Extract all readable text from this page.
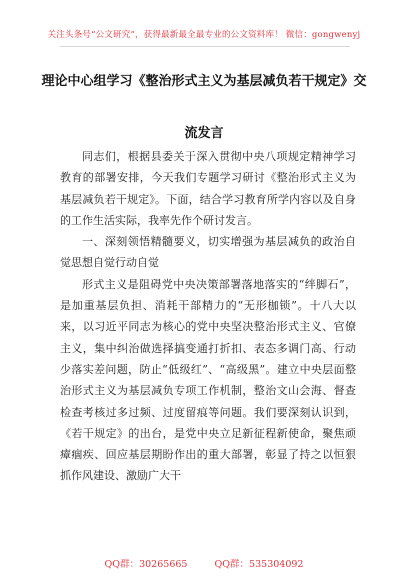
关注头条号“公文研究”，获得最新最全最专业的公文资料库！ 微信：gongwenyj
理论中心组学习《整治形式主义为基层减负若干规定》交
流发言

同志们，根据县委关于深入贯彻中央八项规定精神学习教育的部署安排，今天我们专题学习研讨《整治形式主义为基层减负若干规定》。下面，结合学习教育所学内容以及自身的工作生活实际，我率先作个研讨发言。

一、深刻领悟精髓要义，切实增强为基层减负的政治自觉思想自觉行动自觉

形式主义是阻碍党中央决策部署落地落实的“绊脚石”，是加重基层负担、消耗干部精力的“无形枷锁”。十八大以来，以习近平同志为核心的党中央坚决整治形式主义、官僚主义，集中纠治做选择搞变通打折扣、表态多调门高、行动少落实差问题，防止“低级红”、“高级黑”。建立中央层面整治形式主义为基层减负专项工作机制，整治文山会海、督查检查考核过多过频、过度留痕等问题。我们要深刻认识到，《若干规定》的出台，是党中央立足新征程新使命，聚焦顽瘴痼疾、回应基层期盼作出的重大部署，彰显了持之以恒狠抓作风建设、激励广大干

QQ群：30265665	QQ群：535304092
